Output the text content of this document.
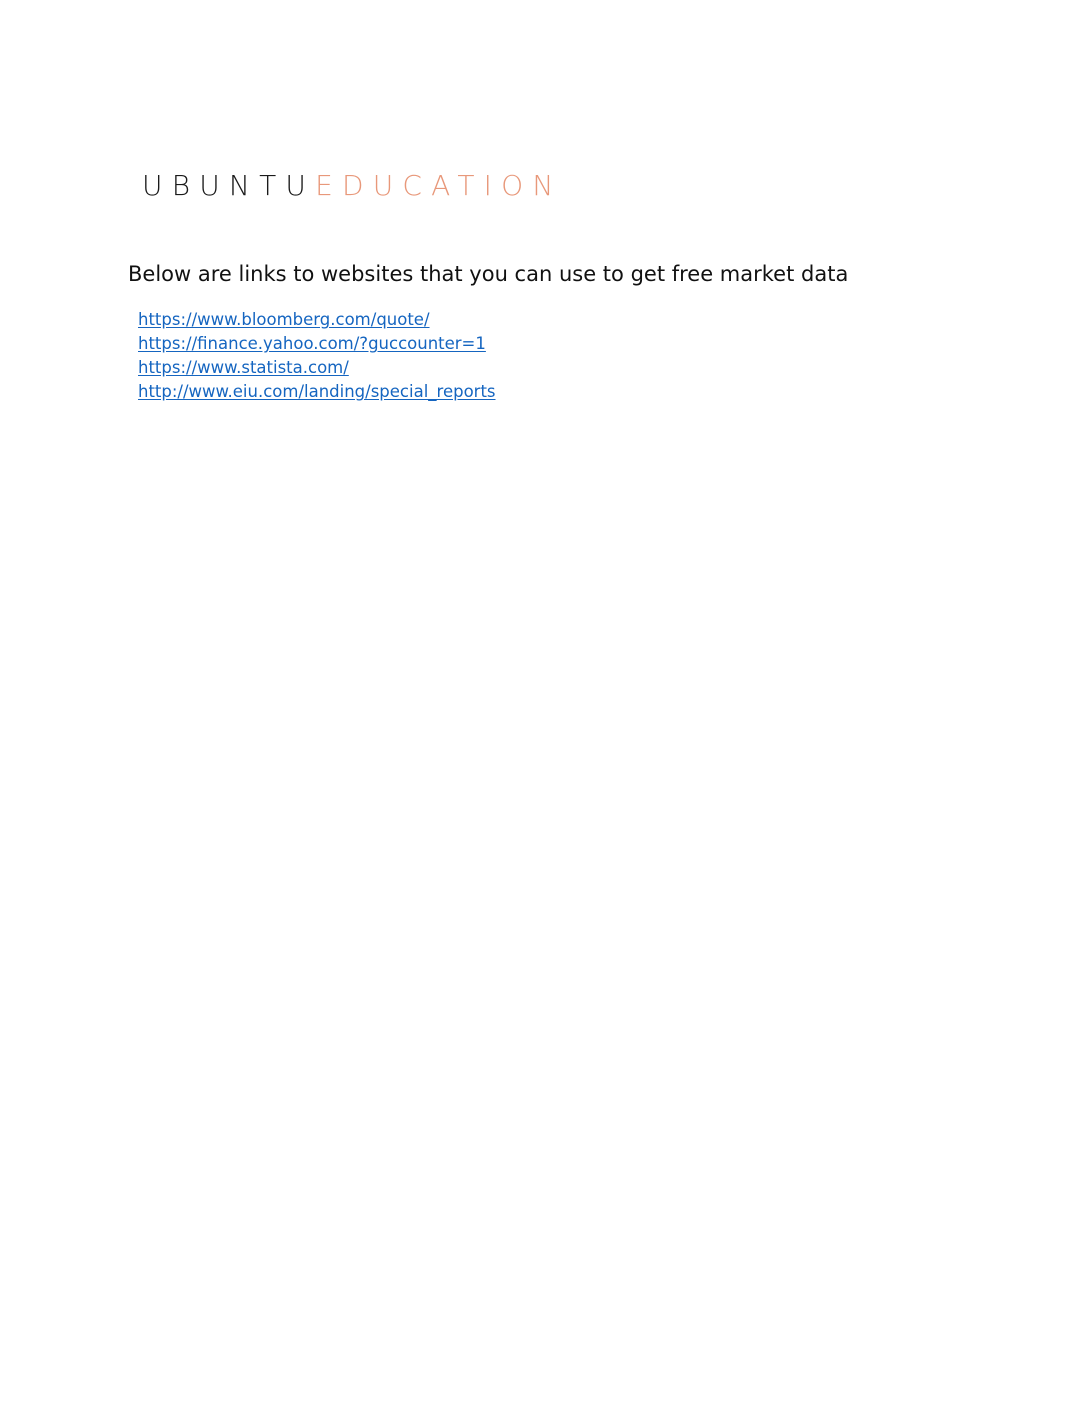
UBUNTU EDUCATION
Below are links to websites that you can use to get free market data
https://www.bloomberg.com/quote/
https://finance.yahoo.com/?guccounter=1
https://www.statista.com/
http://www.eiu.com/landing/special_reports
